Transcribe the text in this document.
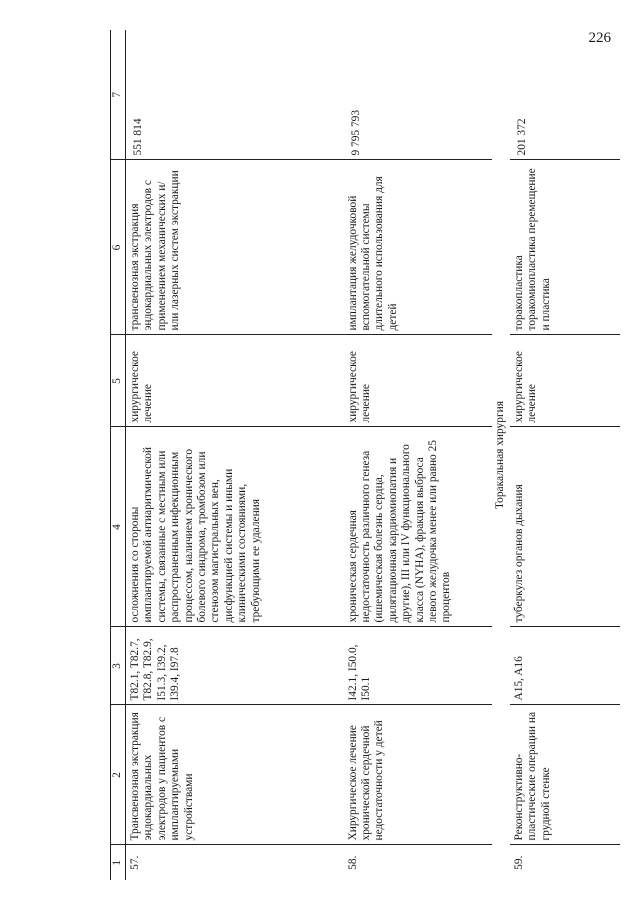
226
1	2	3	4	5	6	7
57.	Трансвенозная экстракция эндокардиальных электродов у пациентов с имплантируемыми устройствами	T82.1, T82.7, T82.8, T82.9, I51.3, I39.2, I39.4, I97.8	осложнения со стороны имплантируемой антиаритмической системы, связанные с местным или распространенным инфекционным процессом, наличием хронического болевого синдрома, тромбозом или стенозом магистральных вен, дисфункцией системы и иными клиническими состояниями, требующими ее удаления	хирургическое лечение	трансвенозная экстракция эндокардиальных электродов с применением механических и/или лазерных систем экстракции	551 814
58.	Хирургическое лечение хронической сердечной недостаточности у детей	I42.1, I50.0, I50.1	хроническая сердечная недостаточность различного генеза (ишемическая болезнь сердца, дилятационная кардиомиопатия и другие), III или IV функционального класса (NYHA), фракция выброса левого желудочка менее или равно 25 процентов	хирургическое лечение	имплантация желудочковой вспомогательной системы длительного использования для детей	9 795 793
Торакальная хирургия						
59.	Реконструктивно-пластические операции на грудной стенке	A15, A16	туберкулез органов дыхания	хирургическое лечение	торакопластика торакомиопластика перемещение и пластика	201 372
